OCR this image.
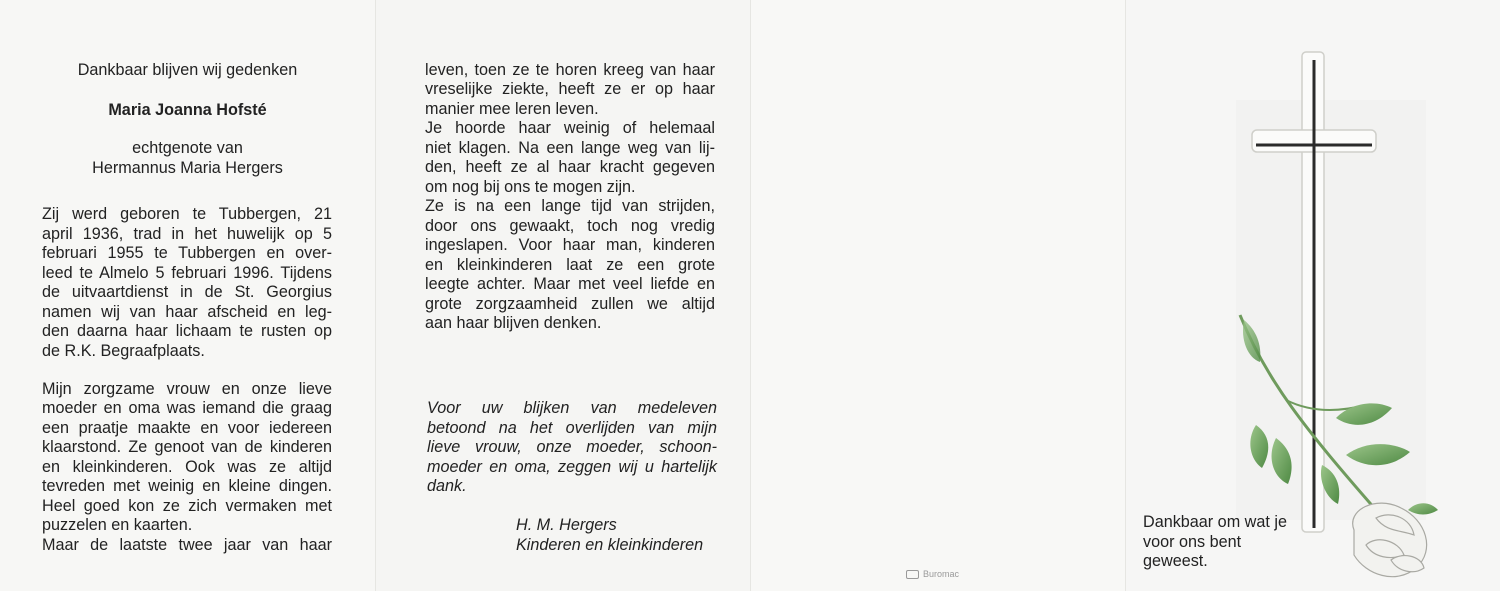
Dankbaar blijven wij gedenken
Maria Joanna Hofsté
echtgenote van
Hermannus Maria Hergers
Zij werd geboren te Tubbergen, 21
april 1936, trad in het huwelijk op 5
februari 1955 te Tubbergen en over-
leed te Almelo 5 februari 1996. Tijdens
de uitvaartdienst in de St. Georgius
namen wij van haar afscheid en leg-
den daarna haar lichaam te rusten op
de R.K. Begraafplaats.
Mijn zorgzame vrouw en onze lieve
moeder en oma was iemand die graag
een praatje maakte en voor iedereen
klaarstond. Ze genoot van de kinderen
en kleinkinderen. Ook was ze altijd
tevreden met weinig en kleine dingen.
Heel goed kon ze zich vermaken met
puzzelen en kaarten.
Maar de laatste twee jaar van haar
leven, toen ze te horen kreeg van haar
vreselijke ziekte, heeft ze er op haar
manier mee leren leven.
Je hoorde haar weinig of helemaal
niet klagen. Na een lange weg van lij-
den, heeft ze al haar kracht gegeven
om nog bij ons te mogen zijn.
Ze is na een lange tijd van strijden,
door ons gewaakt, toch nog vredig
ingeslapen. Voor haar man, kinderen
en kleinkinderen laat ze een grote
leegte achter. Maar met veel liefde en
grote zorgzaamheid zullen we altijd
aan haar blijven denken.
Voor uw blijken van medeleven
betoond na het overlijden van mijn
lieve vrouw, onze moeder, schoon-
moeder en oma, zeggen wij u hartelijk
dank.
H. M. Hergers
Kinderen en kleinkinderen
Buromac
Dankbaar om wat je
voor ons bent
geweest.
